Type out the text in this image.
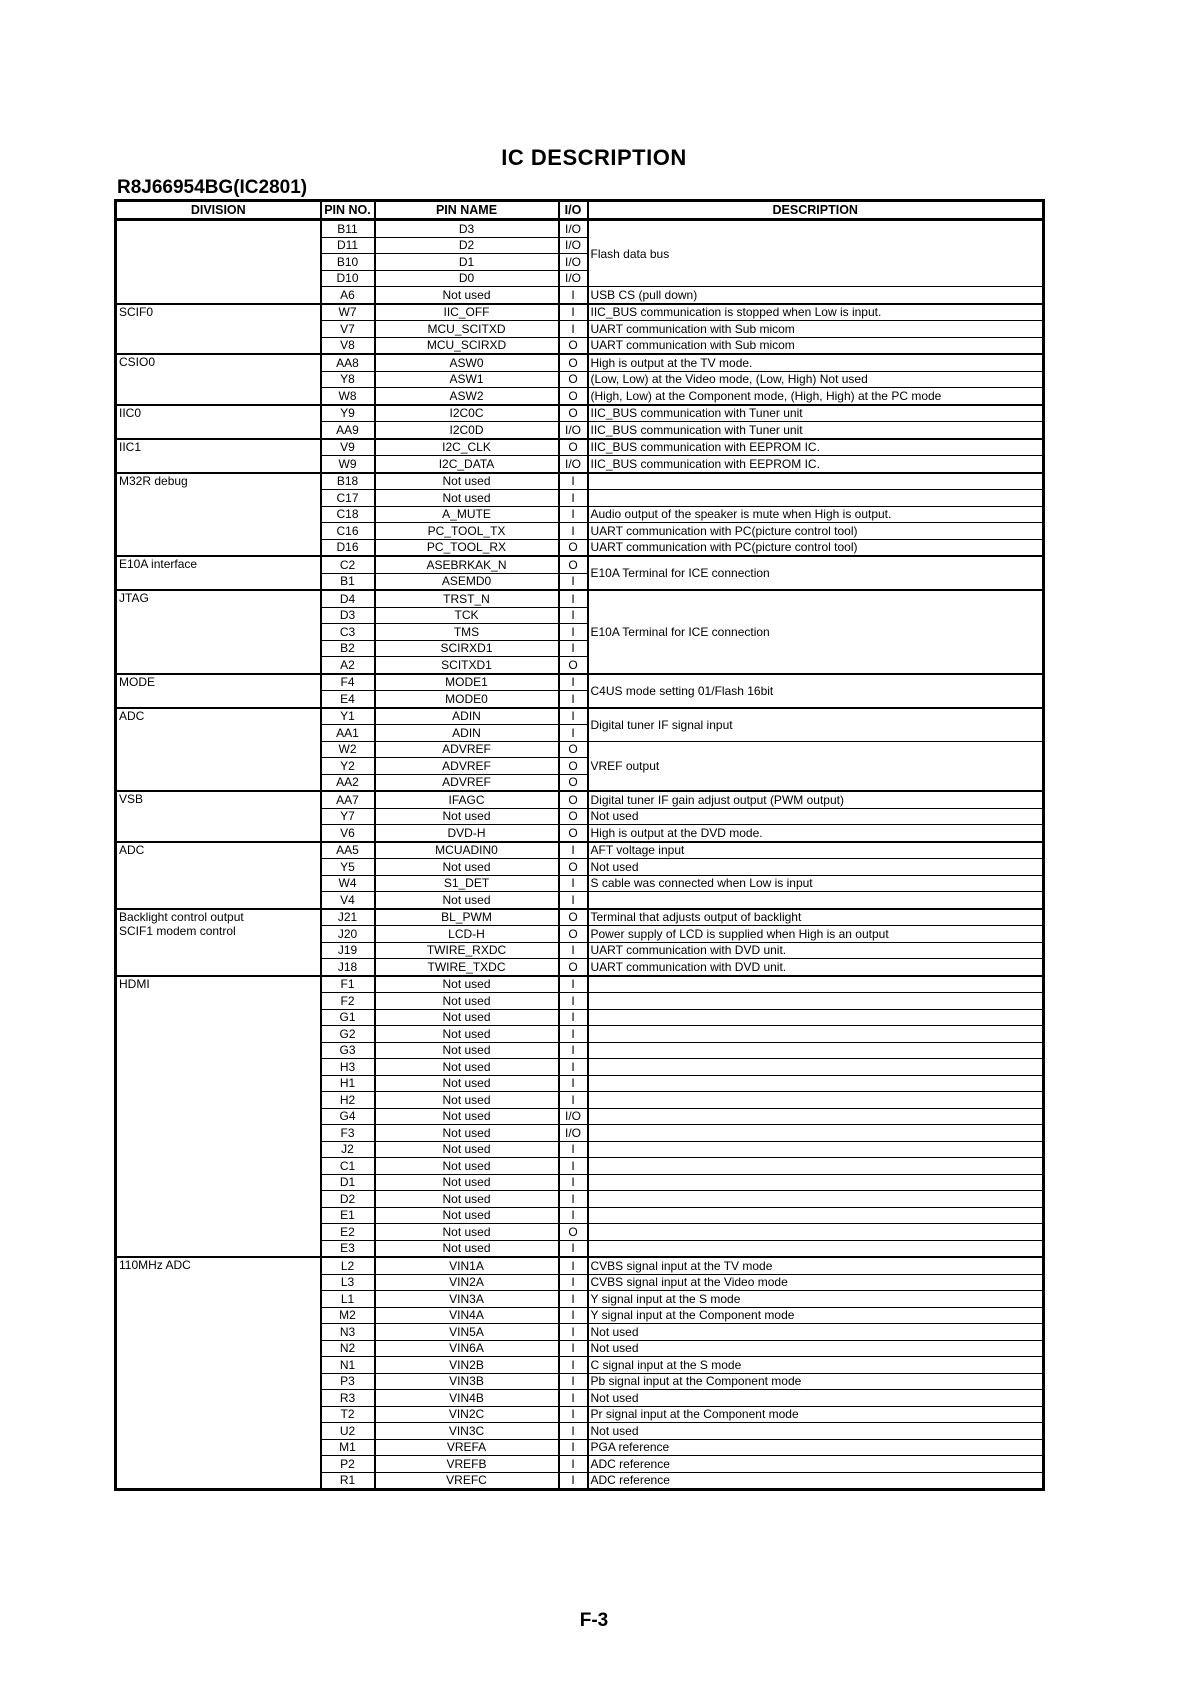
IC DESCRIPTION
R8J66954BG(IC2801)
DIVISION	PIN NO.	PIN NAME	I/O	DESCRIPTION

	B11	D3	I/O	Flash data bus
	D11	D2	I/O	
	B10	D1	I/O	
	D10	D0	I/O	
	A6	Not used	I	USB CS (pull down)

SCIF0	W7	IIC_OFF	I	IIC_BUS communication is stopped when Low is input.
	V7	MCU_SCITXD	I	UART communication with Sub micom
	V8	MCU_SCIRXD	O	UART communication with Sub micom

CSIO0	AA8	ASW0	O	High is output at the TV mode.
	Y8	ASW1	O	(Low, Low) at the Video mode, (Low, High) Not used
	W8	ASW2	O	(High, Low) at the Component mode, (High, High) at the PC mode

IIC0	Y9	I2C0C	O	IIC_BUS communication with Tuner unit
	AA9	I2C0D	I/O	IIC_BUS communication with Tuner unit

IIC1	V9	I2C_CLK	O	IIC_BUS communication with EEPROM IC.
	W9	I2C_DATA	I/O	IIC_BUS communication with EEPROM IC.

M32R debug	B18	Not used	I	
	C17	Not used	I	
	C18	A_MUTE	I	Audio output of the speaker is mute when High is output.
	C16	PC_TOOL_TX	I	UART communication with PC(picture control tool)
	D16	PC_TOOL_RX	O	UART communication with PC(picture control tool)

E10A interface	C2	ASEBRKAK_N	O	E10A Terminal for ICE connection
	B1	ASEMD0	I	

JTAG	D4	TRST_N	I	E10A Terminal for ICE connection
	D3	TCK	I	
	C3	TMS	I	
	B2	SCIRXD1	I	
	A2	SCITXD1	O	

MODE	F4	MODE1	I	C4US mode setting 01/Flash 16bit
	E4	MODE0	I	

ADC	Y1	ADIN	I	Digital tuner IF signal input
	AA1	ADIN	I	
	W2	ADVREF	O	VREF output
	Y2	ADVREF	O	
	AA2	ADVREF	O	

VSB	AA7	IFAGC	O	Digital tuner IF gain adjust output (PWM output)
	Y7	Not used	O	Not used
	V6	DVD-H	O	High is output at the DVD mode.

ADC	AA5	MCUADIN0	I	AFT voltage input
	Y5	Not used	O	Not used
	W4	S1_DET	I	S cable was connected when Low is input
	V4	Not used	I	

Backlight control output
SCIF1 modem control	J21	BL_PWM	O	Terminal that adjusts output of backlight
	J20	LCD-H	O	Power supply of LCD is supplied when High is an output
	J19	TWIRE_RXDC	I	UART communication with DVD unit.
	J18	TWIRE_TXDC	O	UART communication with DVD unit.

HDMI	F1	Not used	I	
	F2	Not used	I	
	G1	Not used	I	
	G2	Not used	I	
	G3	Not used	I	
	H3	Not used	I	
	H1	Not used	I	
	H2	Not used	I	
	G4	Not used	I/O	
	F3	Not used	I/O	
	J2	Not used	I	
	C1	Not used	I	
	D1	Not used	I	
	D2	Not used	I	
	E1	Not used	I	
	E2	Not used	O	
	E3	Not used	I	

110MHz ADC	L2	VIN1A	I	CVBS signal input at the TV mode
	L3	VIN2A	I	CVBS signal input at the Video mode
	L1	VIN3A	I	Y signal input at the S mode
	M2	VIN4A	I	Y signal input at the Component mode
	N3	VIN5A	I	Not used
	N2	VIN6A	I	Not used
	N1	VIN2B	I	C signal input at the S mode
	P3	VIN3B	I	Pb signal input at the Component mode
	R3	VIN4B	I	Not used
	T2	VIN2C	I	Pr signal input at the Component mode
	U2	VIN3C	I	Not used
	M1	VREFA	I	PGA reference
	P2	VREFB	I	ADC reference
	R1	VREFC	I	ADC reference
F-3
